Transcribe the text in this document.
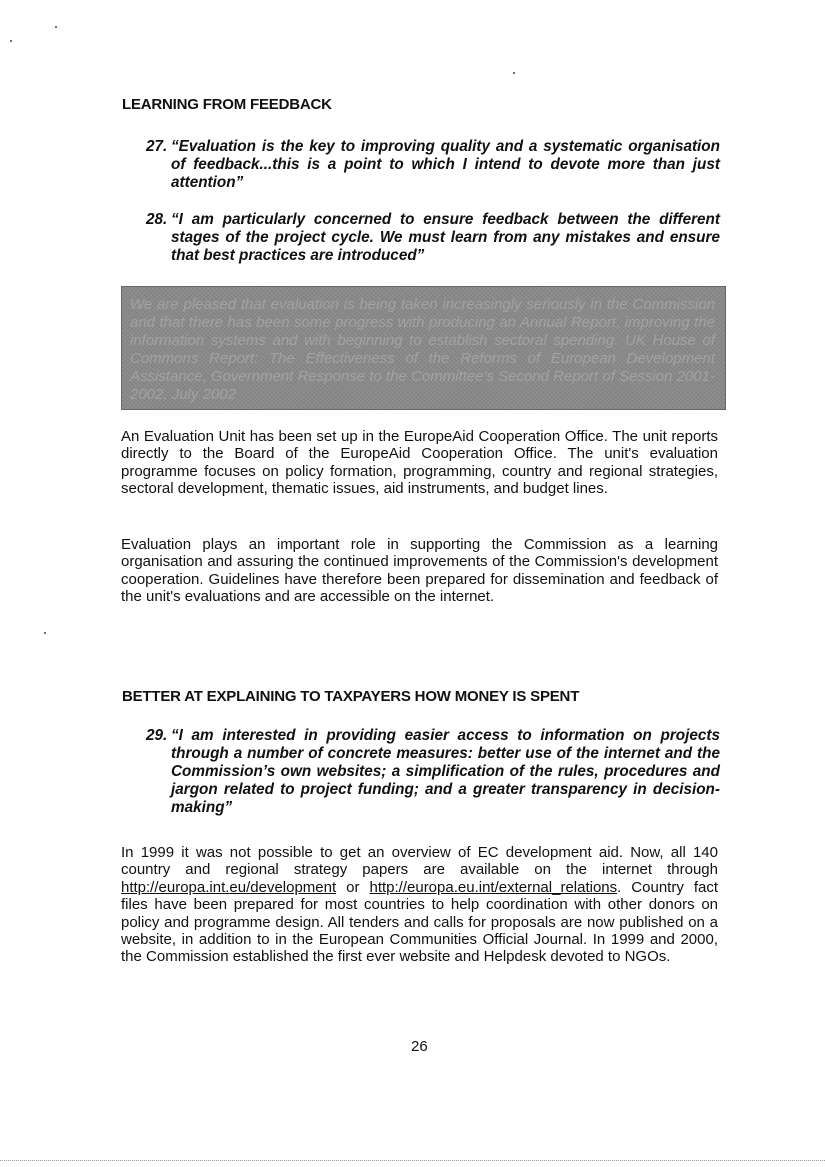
LEARNING FROM FEEDBACK
27. “Evaluation is the key to improving quality and a systematic organisation of feedback...this is a point to which I intend to devote more than just attention”
28. “I am particularly concerned to ensure feedback between the different stages of the project cycle. We must learn from any mistakes and ensure that best practices are introduced”

We are pleased that evaluation is being taken increasingly seriously in the Commission and that there has been some progress with producing an Annual Report, improving the information systems and with beginning to establish sectoral spending. UK House of Commons Report: The Effectiveness of the Reforms of European Development Assistance, Government Response to the Committee's Second Report of Session 2001-2002, July 2002

An Evaluation Unit has been set up in the EuropeAid Cooperation Office. The unit reports directly to the Board of the EuropeAid Cooperation Office. The unit's evaluation programme focuses on policy formation, programming, country and regional strategies, sectoral development, thematic issues, aid instruments, and budget lines.

Evaluation plays an important role in supporting the Commission as a learning organisation and assuring the continued improvements of the Commission's development cooperation. Guidelines have therefore been prepared for dissemination and feedback of the unit's evaluations and are accessible on the internet.

BETTER AT EXPLAINING TO TAXPAYERS HOW MONEY IS SPENT
29. “I am interested in providing easier access to information on projects through a number of concrete measures: better use of the internet and the Commission’s own websites; a simplification of the rules, procedures and jargon related to project funding; and a greater transparency in decision-making”

In 1999 it was not possible to get an overview of EC development aid. Now, all 140 country and regional strategy papers are available on the internet through http://europa.int.eu/development or http://europa.eu.int/external_relations. Country fact files have been prepared for most countries to help coordination with other donors on policy and programme design. All tenders and calls for proposals are now published on a website, in addition to in the European Communities Official Journal. In 1999 and 2000, the Commission established the first ever website and Helpdesk devoted to NGOs.

26
